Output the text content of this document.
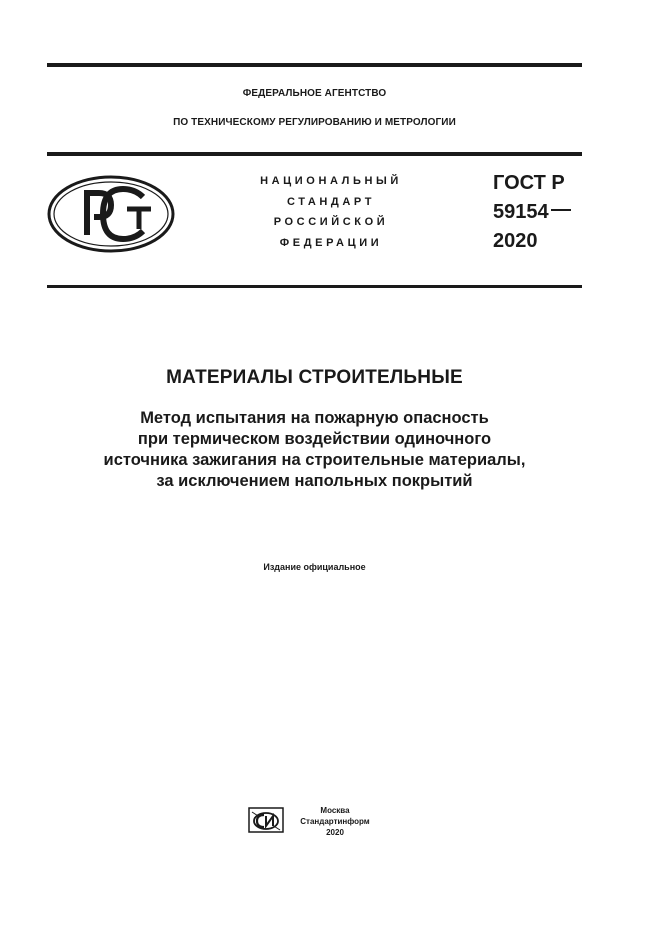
ФЕДЕРАЛЬНОЕ АГЕНТСТВО
ПО ТЕХНИЧЕСКОМУ РЕГУЛИРОВАНИЮ И МЕТРОЛОГИИ
НАЦИОНАЛЬНЫЙ
СТАНДАРТ
РОССИЙСКОЙ
ФЕДЕРАЦИИ
ГОСТ Р
59154
2020
МАТЕРИАЛЫ СТРОИТЕЛЬНЫЕ
Метод испытания на пожарную опасность
при термическом воздействии одиночного
источника зажигания на строительные материалы,
за исключением напольных покрытий
Издание официальное
Москва
Стандартинформ
2020
